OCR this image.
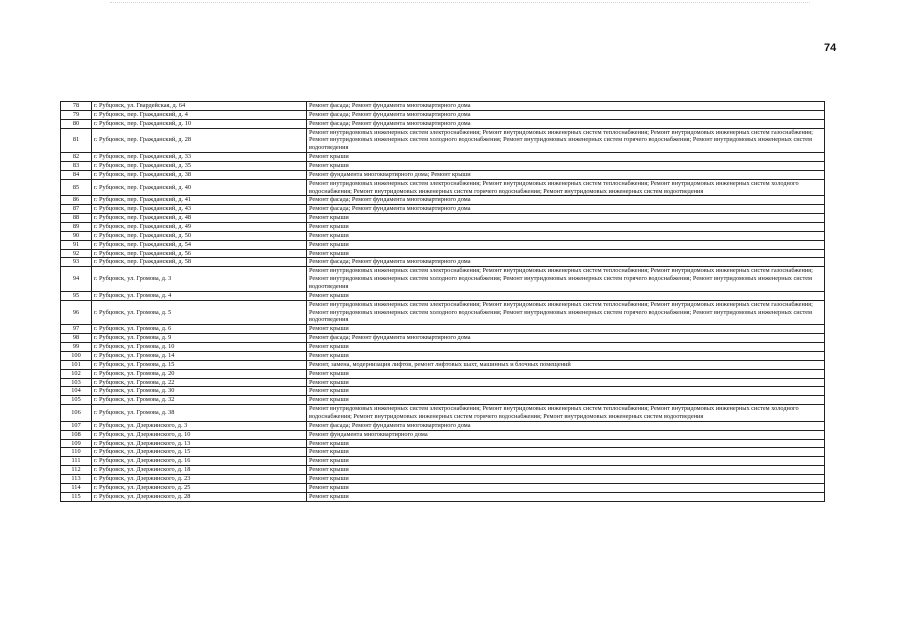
74
78	г. Рубцовск, ул. Гвардейская, д. 64	Ремонт фасада; Ремонт фундамента многоквартирного дома
79	г. Рубцовск, пер. Гражданский, д. 4	Ремонт фасада; Ремонт фундамента многоквартирного дома
80	г. Рубцовск, пер. Гражданский, д. 10	Ремонт фасада; Ремонт фундамента многоквартирного дома
81	г. Рубцовск, пер. Гражданский, д. 28	Ремонт внутридомовых инженерных систем электроснабжения; Ремонт внутридомовых инженерных систем теплоснабжения; Ремонт внутридомовых инженерных систем газоснабжения; Ремонт внутридомовых инженерных систем холодного водоснабжения; Ремонт внутридомовых инженерных систем горячего водоснабжения; Ремонт внутридомовых инженерных систем водоотведения
82	г. Рубцовск, пер. Гражданский, д. 33	Ремонт крыши
83	г. Рубцовск, пер. Гражданский, д. 35	Ремонт крыши
84	г. Рубцовск, пер. Гражданский, д. 38	Ремонт фундамента многоквартирного дома; Ремонт крыши
85	г. Рубцовск, пер. Гражданский, д. 40	Ремонт внутридомовых инженерных систем электроснабжения; Ремонт внутридомовых инженерных систем теплоснабжения; Ремонт внутридомовых инженерных систем холодного водоснабжения; Ремонт внутридомовых инженерных систем горячего водоснабжения; Ремонт внутридомовых инженерных систем водоотведения
86	г. Рубцовск, пер. Гражданский, д. 41	Ремонт фасада; Ремонт фундамента многоквартирного дома
87	г. Рубцовск, пер. Гражданский, д. 43	Ремонт фасада; Ремонт фундамента многоквартирного дома
88	г. Рубцовск, пер. Гражданский, д. 48	Ремонт крыши
89	г. Рубцовск, пер. Гражданский, д. 49	Ремонт крыши
90	г. Рубцовск, пер. Гражданский, д. 50	Ремонт крыши
91	г. Рубцовск, пер. Гражданский, д. 54	Ремонт крыши
92	г. Рубцовск, пер. Гражданский, д. 56	Ремонт крыши
93	г. Рубцовск, пер. Гражданский, д. 58	Ремонт фасада; Ремонт фундамента многоквартирного дома
94	г. Рубцовск, ул. Громова, д. 3	Ремонт внутридомовых инженерных систем электроснабжения; Ремонт внутридомовых инженерных систем теплоснабжения; Ремонт внутридомовых инженерных систем газоснабжения; Ремонт внутридомовых инженерных систем холодного водоснабжения; Ремонт внутридомовых инженерных систем горячего водоснабжения; Ремонт внутридомовых инженерных систем водоотведения
95	г. Рубцовск, ул. Громова, д. 4	Ремонт крыши
96	г. Рубцовск, ул. Громова, д. 5	Ремонт внутридомовых инженерных систем электроснабжения; Ремонт внутридомовых инженерных систем теплоснабжения; Ремонт внутридомовых инженерных систем газоснабжения; Ремонт внутридомовых инженерных систем холодного водоснабжения; Ремонт внутридомовых инженерных систем горячего водоснабжения; Ремонт внутридомовых инженерных систем водоотведения
97	г. Рубцовск, ул. Громова, д. 6	Ремонт крыши
98	г. Рубцовск, ул. Громова, д. 9	Ремонт фасада; Ремонт фундамента многоквартирного дома
99	г. Рубцовск, ул. Громова, д. 10	Ремонт крыши
100	г. Рубцовск, ул. Громова, д. 14	Ремонт крыши
101	г. Рубцовск, ул. Громова, д. 15	Ремонт, замена, модернизация лифтов, ремонт лифтовых шахт, машинных и блочных помещений
102	г. Рубцовск, ул. Громова, д. 20	Ремонт крыши
103	г. Рубцовск, ул. Громова, д. 22	Ремонт крыши
104	г. Рубцовск, ул. Громова, д. 30	Ремонт крыши
105	г. Рубцовск, ул. Громова, д. 32	Ремонт крыши
106	г. Рубцовск, ул. Громова, д. 38	Ремонт внутридомовых инженерных систем электроснабжения; Ремонт внутридомовых инженерных систем теплоснабжения; Ремонт внутридомовых инженерных систем холодного водоснабжения; Ремонт внутридомовых инженерных систем горячего водоснабжения; Ремонт внутридомовых инженерных систем водоотведения
107	г. Рубцовск, ул. Дзержинского, д. 3	Ремонт фасада; Ремонт фундамента многоквартирного дома
108	г. Рубцовск, ул. Дзержинского, д. 10	Ремонт фундамента многоквартирного дома
109	г. Рубцовск, ул. Дзержинского, д. 13	Ремонт крыши
110	г. Рубцовск, ул. Дзержинского, д. 15	Ремонт крыши
111	г. Рубцовск, ул. Дзержинского, д. 16	Ремонт крыши
112	г. Рубцовск, ул. Дзержинского, д. 18	Ремонт крыши
113	г. Рубцовск, ул. Дзержинского, д. 23	Ремонт крыши
114	г. Рубцовск, ул. Дзержинского, д. 25	Ремонт крыши
115	г. Рубцовск, ул. Дзержинского, д. 28	Ремонт крыши
